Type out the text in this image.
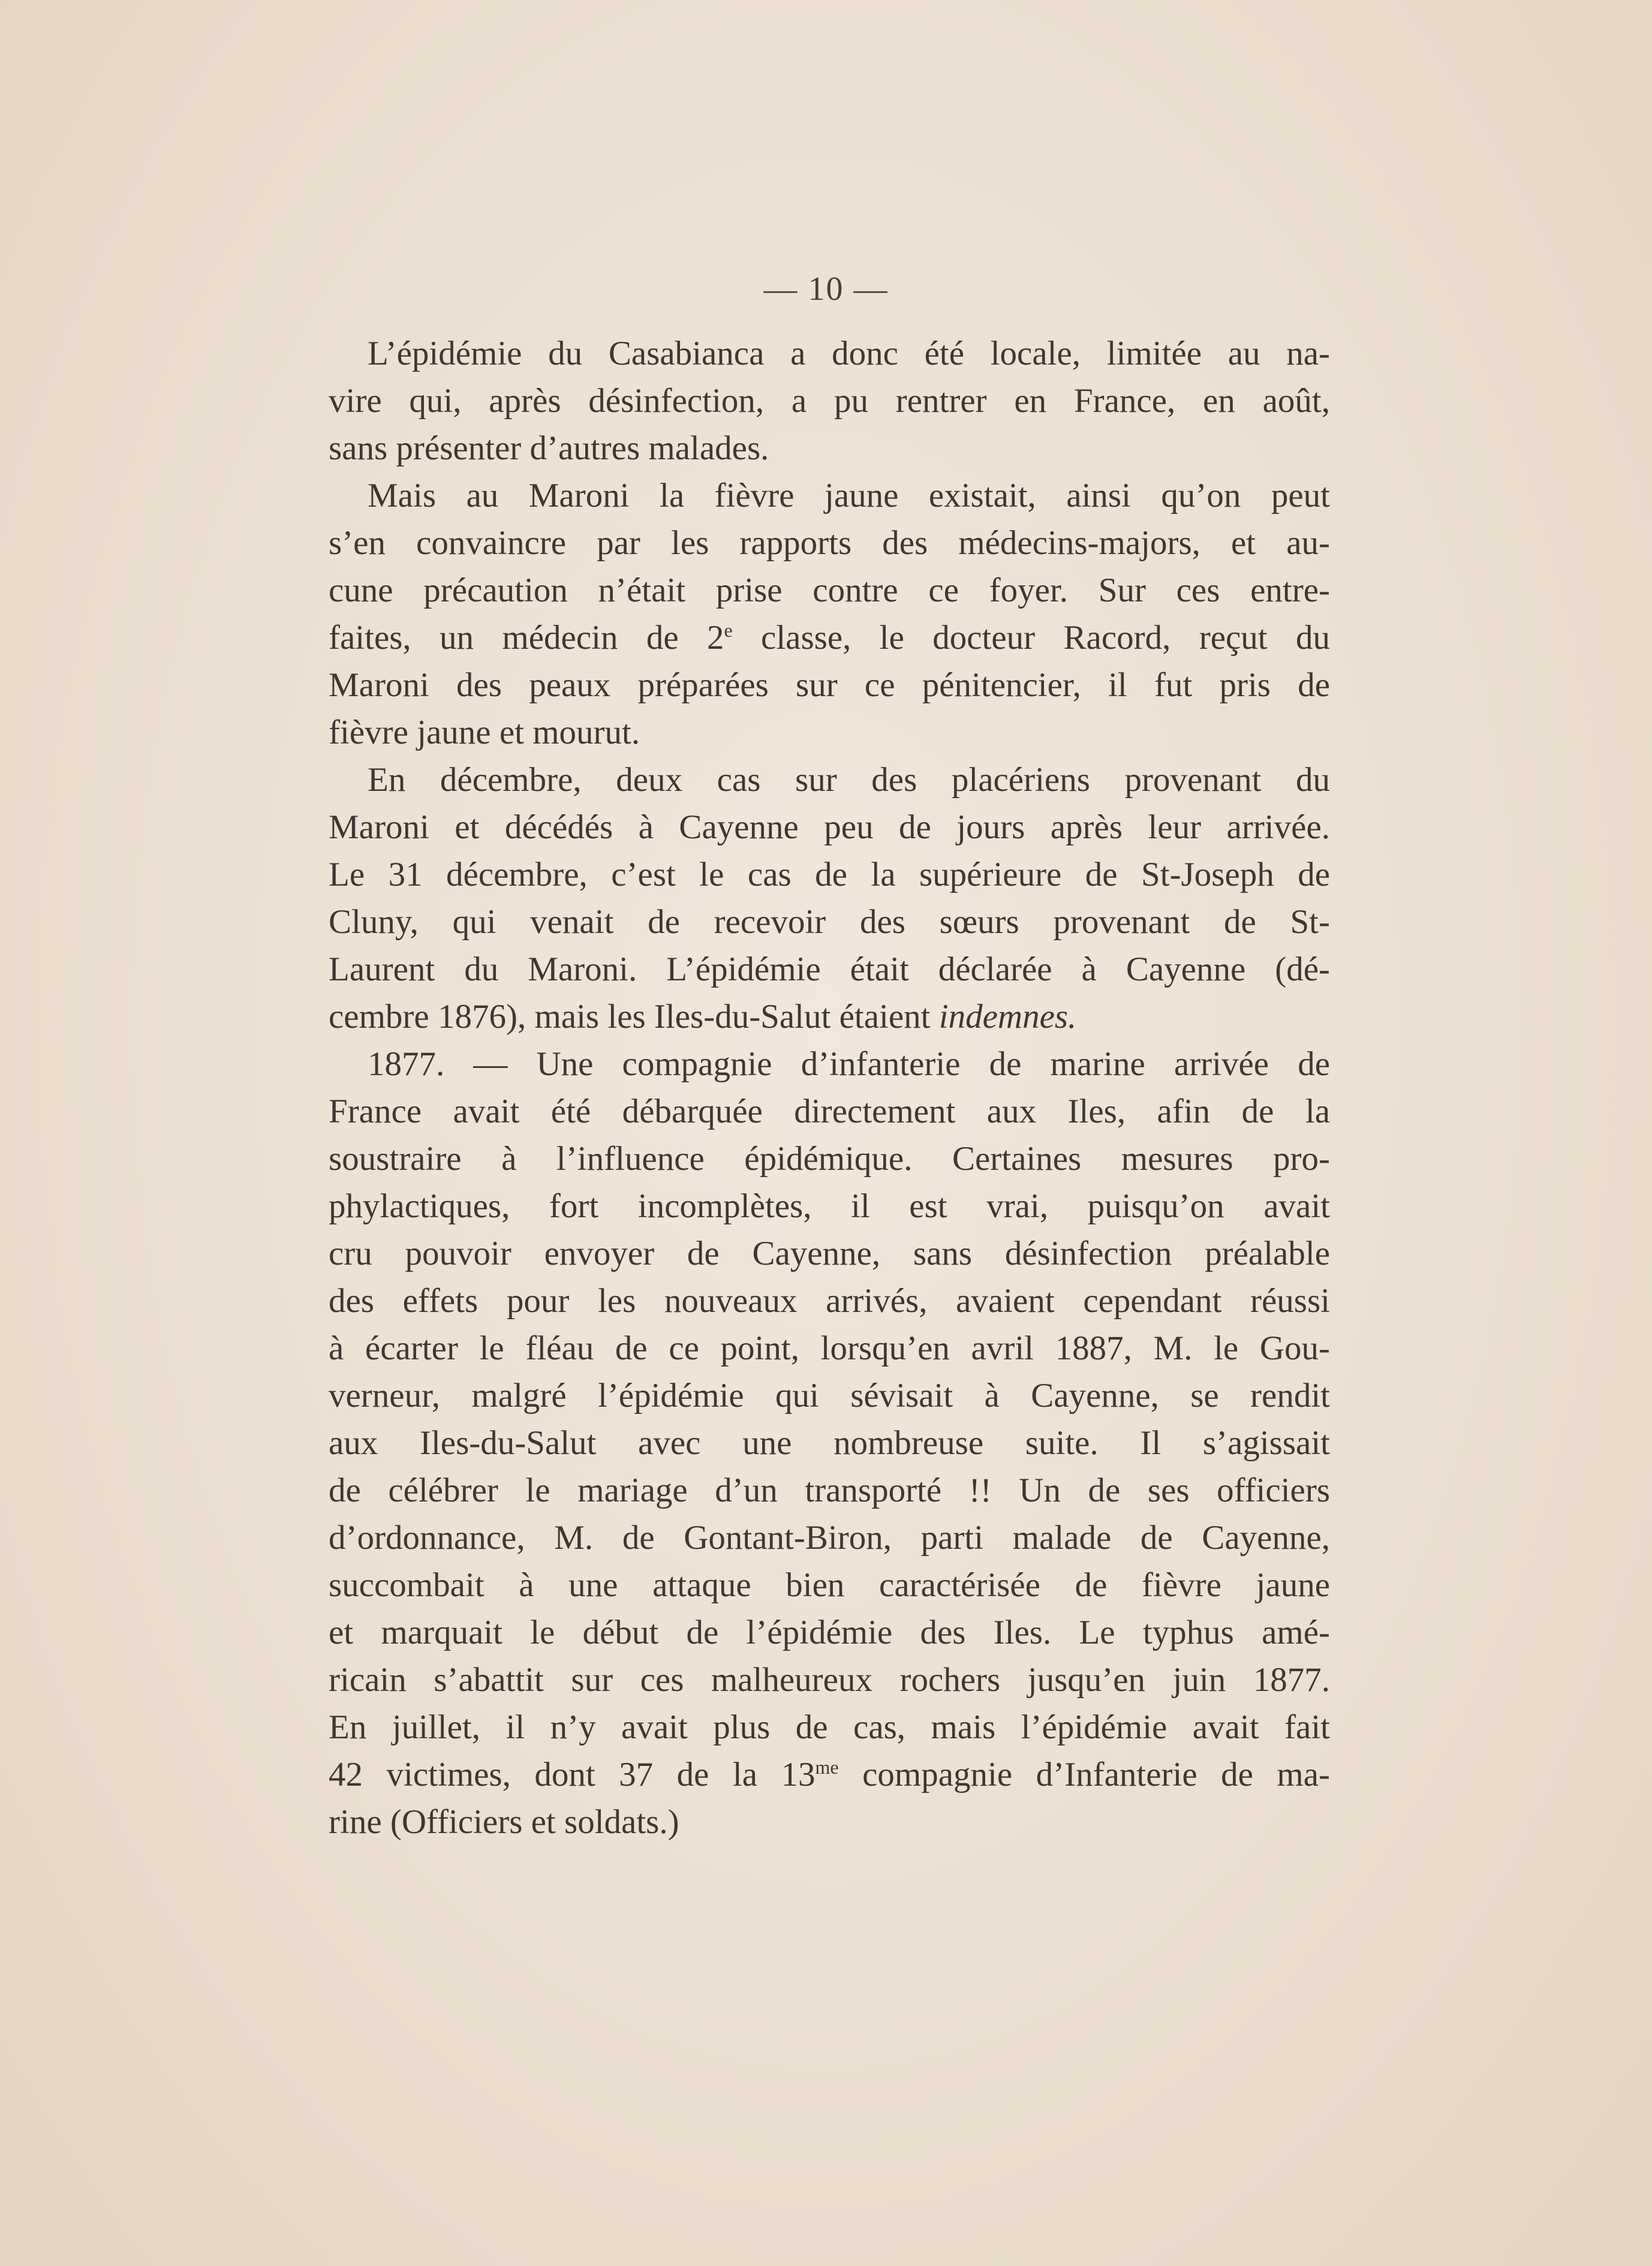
— 10 —
L’épidémie du Casabianca a donc été locale, limitée au na-
vire qui, après désinfection, a pu rentrer en France, en août,
sans présenter d’autres malades.
Mais au Maroni la fièvre jaune existait, ainsi qu’on peut
s’en convaincre par les rapports des médecins-majors, et au-
cune précaution n’était prise contre ce foyer. Sur ces entre-
faites, un médecin de 2e classe, le docteur Racord, reçut du
Maroni des peaux préparées sur ce pénitencier, il fut pris de
fièvre jaune et mourut.
En décembre, deux cas sur des placériens provenant du
Maroni et décédés à Cayenne peu de jours après leur arrivée.
Le 31 décembre, c’est le cas de la supérieure de St-Joseph de
Cluny, qui venait de recevoir des sœurs provenant de St-
Laurent du Maroni. L’épidémie était déclarée à Cayenne (dé-
cembre 1876), mais les Iles-du-Salut étaient indemnes.
1877. — Une compagnie d’infanterie de marine arrivée de
France avait été débarquée directement aux Iles, afin de la
soustraire à l’influence épidémique. Certaines mesures pro-
phylactiques, fort incomplètes, il est vrai, puisqu’on avait
cru pouvoir envoyer de Cayenne, sans désinfection préalable
des effets pour les nouveaux arrivés, avaient cependant réussi
à écarter le fléau de ce point, lorsqu’en avril 1887, M. le Gou-
verneur, malgré l’épidémie qui sévisait à Cayenne, se rendit
aux Iles-du-Salut avec une nombreuse suite. Il s’agissait
de célébrer le mariage d’un transporté !! Un de ses officiers
d’ordonnance, M. de Gontant-Biron, parti malade de Cayenne,
succombait à une attaque bien caractérisée de fièvre jaune
et marquait le début de l’épidémie des Iles. Le typhus amé-
ricain s’abattit sur ces malheureux rochers jusqu’en juin 1877.
En juillet, il n’y avait plus de cas, mais l’épidémie avait fait
42 victimes, dont 37 de la $13^{me}$ compagnie d’Infanterie de ma-
rine (Officiers et soldats.)
